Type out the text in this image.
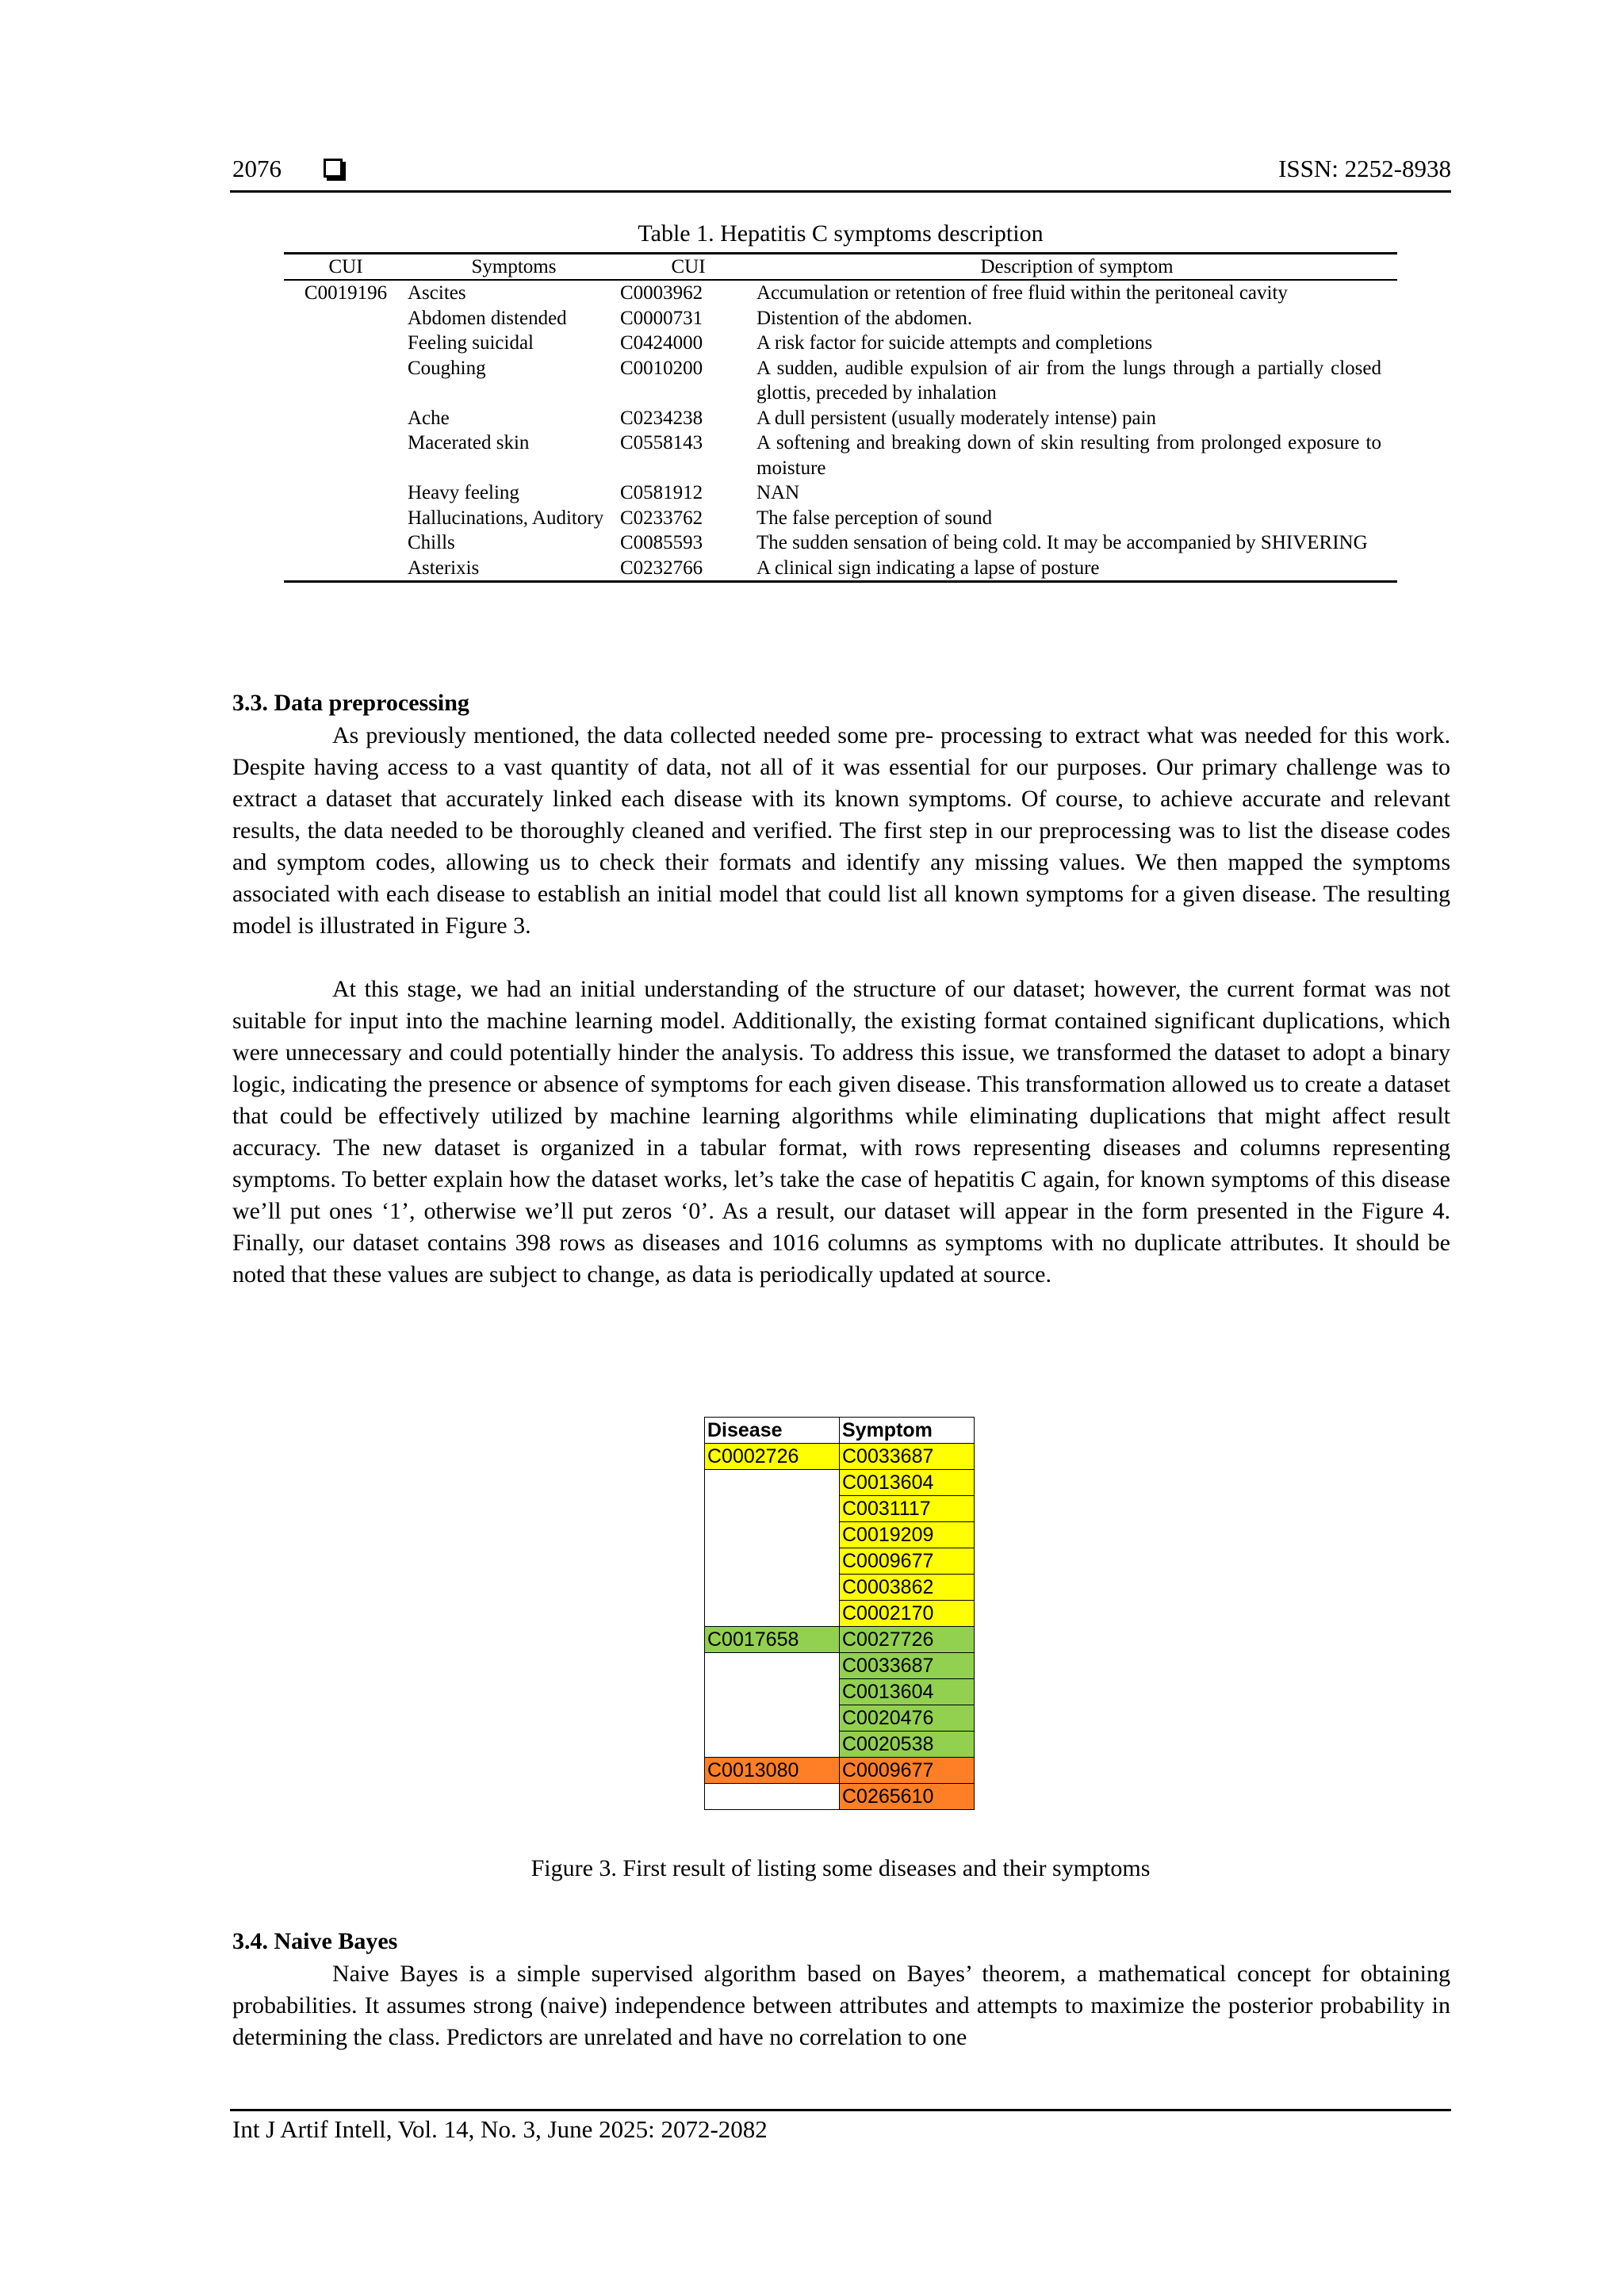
2076	ISSN: 2252-8938
Table 1. Hepatitis C symptoms description
CUI	Symptoms	CUI	Description of symptom
C0019196	Ascites	C0003962	Accumulation or retention of free fluid within the peritoneal cavity
	Abdomen distended	C0000731	Distention of the abdomen.
	Feeling suicidal	C0424000	A risk factor for suicide attempts and completions
	Coughing	C0010200	A sudden, audible expulsion of air from the lungs through a partially closed glottis, preceded by inhalation
	Ache	C0234238	A dull persistent (usually moderately intense) pain
	Macerated skin	C0558143	A softening and breaking down of skin resulting from prolonged exposure to moisture
	Heavy feeling	C0581912	NAN
	Hallucinations, Auditory	C0233762	The false perception of sound
	Chills	C0085593	The sudden sensation of being cold. It may be accompanied by SHIVERING
	Asterixis	C0232766	A clinical sign indicating a lapse of posture
3.3. Data preprocessing
As previously mentioned, the data collected needed some pre- processing to extract what was needed for this work. Despite having access to a vast quantity of data, not all of it was essential for our purposes. Our primary challenge was to extract a dataset that accurately linked each disease with its known symptoms. Of course, to achieve accurate and relevant results, the data needed to be thoroughly cleaned and verified. The first step in our preprocessing was to list the disease codes and symptom codes, allowing us to check their formats and identify any missing values. We then mapped the symptoms associated with each disease to establish an initial model that could list all known symptoms for a given disease. The resulting model is illustrated in Figure 3.
At this stage, we had an initial understanding of the structure of our dataset; however, the current format was not suitable for input into the machine learning model. Additionally, the existing format contained significant duplications, which were unnecessary and could potentially hinder the analysis. To address this issue, we transformed the dataset to adopt a binary logic, indicating the presence or absence of symptoms for each given disease. This transformation allowed us to create a dataset that could be effectively utilized by machine learning algorithms while eliminating duplications that might affect result accuracy. The new dataset is organized in a tabular format, with rows representing diseases and columns representing symptoms. To better explain how the dataset works, let’s take the case of hepatitis C again, for known symptoms of this disease we’ll put ones ‘1’, otherwise we’ll put zeros ‘0’. As a result, our dataset will appear in the form presented in the Figure 4. Finally, our dataset contains 398 rows as diseases and 1016 columns as symptoms with no duplicate attributes. It should be noted that these values are subject to change, as data is periodically updated at source.
Disease	Symptom
C0002726	C0033687
	C0013604
	C0031117
	C0019209
	C0009677
	C0003862
	C0002170
C0017658	C0027726
	C0033687
	C0013604
	C0020476
	C0020538
C0013080	C0009677
	C0265610
Figure 3. First result of listing some diseases and their symptoms
3.4. Naive Bayes
Naive Bayes is a simple supervised algorithm based on Bayes’ theorem, a mathematical concept for obtaining probabilities. It assumes strong (naive) independence between attributes and attempts to maximize the posterior probability in determining the class. Predictors are unrelated and have no correlation to one
Int J Artif Intell, Vol. 14, No. 3, June 2025: 2072-2082
